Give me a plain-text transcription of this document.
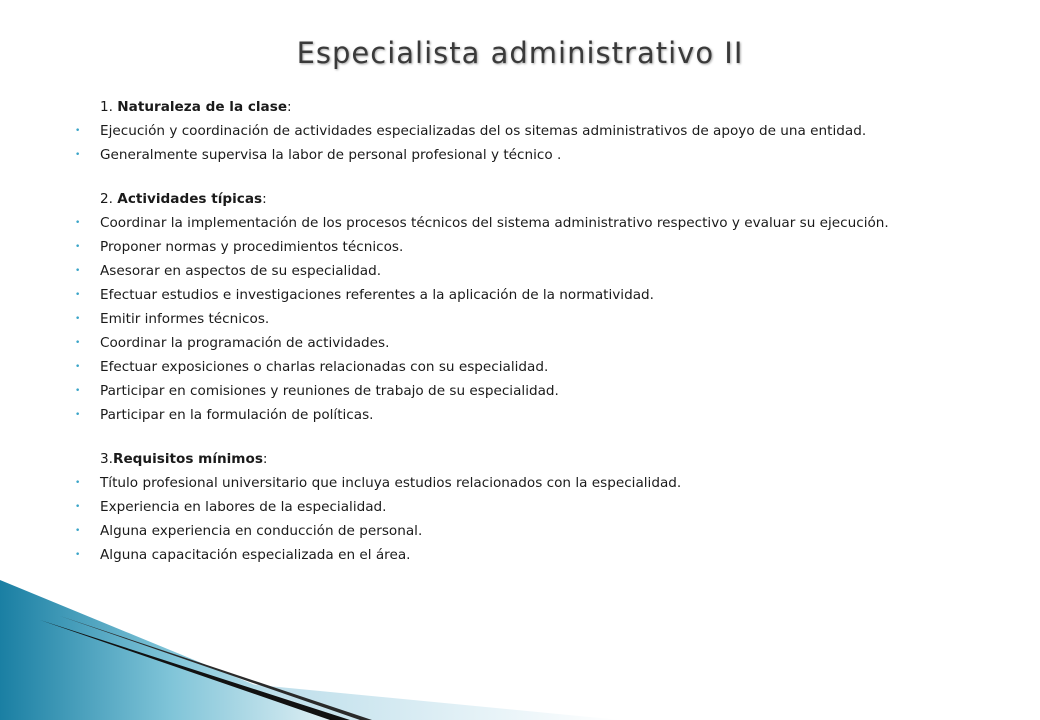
Especialista administrativo II
1. Naturaleza de la clase:
• Ejecución y coordinación de actividades especializadas del os sitemas administrativos de apoyo de una entidad.
• Generalmente supervisa la labor de personal profesional y técnico .
2. Actividades típicas:
• Coordinar la implementación de los procesos técnicos del sistema administrativo respectivo y evaluar su ejecución.
• Proponer normas y procedimientos técnicos.
• Asesorar en aspectos de su especialidad.
• Efectuar estudios e investigaciones referentes a la aplicación de la normatividad.
• Emitir informes técnicos.
• Coordinar la programación de actividades.
• Efectuar exposiciones o charlas relacionadas con su especialidad.
• Participar en comisiones y reuniones de trabajo de su especialidad.
• Participar en la formulación de políticas.
3.Requisitos mínimos:
• Título profesional universitario que incluya estudios relacionados con la especialidad.
• Experiencia en labores de la especialidad.
• Alguna experiencia en conducción de personal.
• Alguna capacitación especializada en el área.
